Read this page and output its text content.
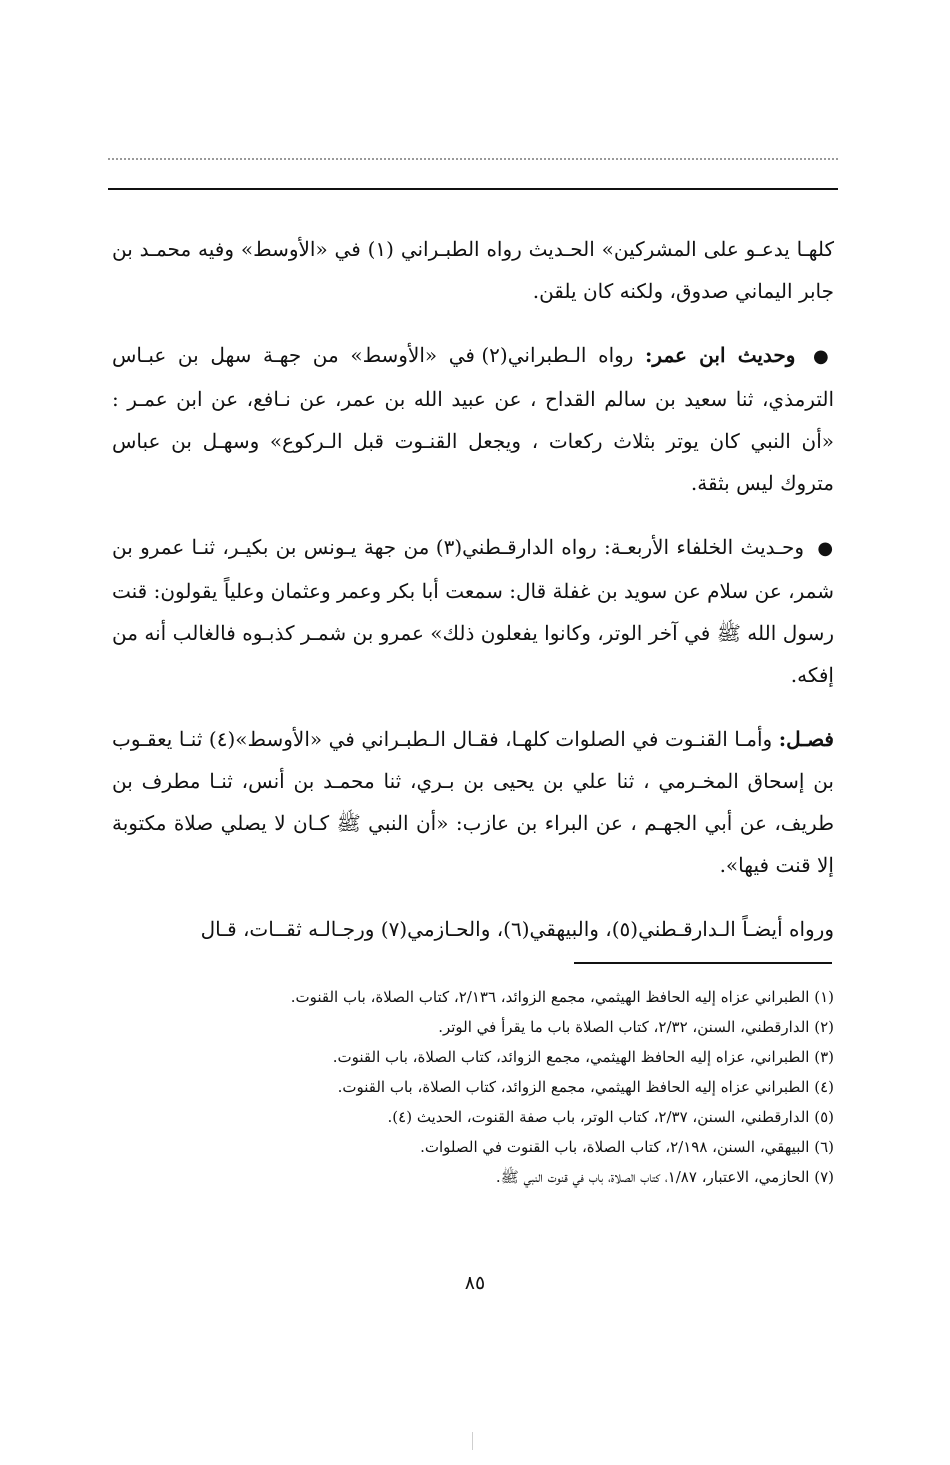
كلهـا يدعـو على المشركين» الحـديث رواه الطبـراني (١) في «الأوسط» وفيه محمـد بن جابر اليماني صدوق، ولكنه كان يلقن.

● وحديث ابن عمر: رواه الـطبراني(٢) في «الأوسط» من جهـة سهل بن عبـاس الترمذي، ثنا سعيد بن سالم القداح ، عن عبيد الله بن عمر، عن نـافع، عن ابن عمـر : «أن النبي كان يوتر بثلاث ركعات ، ويجعل القنـوت قبل الـركوع» وسهـل بن عباس متروك ليس بثقة.

● وحـديث الخلفاء الأربعـة: رواه الدارقـطني(٣) من جهة يـونس بن بكيـر، ثنـا عمرو بن شمر، عن سلام عن سويد بن غفلة قال: سمعت أبا بكر وعمر وعثمان وعلياً يقولون: قنت رسول الله ﷺ في آخر الوتر، وكانوا يفعلون ذلك» عمرو بن شمـر كذبـوه فالغالب أنه من إفكه.

فصـل: وأمـا القنـوت في الصلوات كلهـا، فقـال الـطبـراني في «الأوسط»(٤) ثنـا يعقـوب بن إسحاق المخـرمي ، ثنا علي بن يحيى بن بـري، ثنا محمـد بن أنس، ثنـا مطرف بن طريف، عن أبي الجهـم ، عن البراء بن عازب: «أن النبي ﷺ كـان لا يصلي صلاة مكتوبة إلا قنت فيها».

ورواه أيضـاً الـدارقـطني(٥)، والبيهقي(٦)، والحـازمي(٧) ورجـالـه ثقــات، قـال

(١) الطبراني عزاه إليه الحافظ الهيثمي، مجمع الزوائد، ٢/١٣٦، كتاب الصلاة، باب القنوت.

(٢) الدارقطني، السنن، ٢/٣٢، كتاب الصلاة باب ما يقرأ في الوتر.

(٣) الطبراني، عزاه إليه الحافظ الهيثمي، مجمع الزوائد، كتاب الصلاة، باب القنوت.

(٤) الطبراني عزاه إليه الحافظ الهيثمي، مجمع الزوائد، كتاب الصلاة، باب القنوت.

(٥) الدارقطني، السنن، ٢/٣٧، كتاب الوتر، باب صفة القنوت، الحديث (٤).

(٦) البيهقي، السنن، ٢/١٩٨، كتاب الصلاة، باب القنوت في الصلوات.

(٧) الحازمي، الاعتبار، ١/٨٧، كتاب الصلاة، باب في قنوت النبي ﷺ.

٨٥
